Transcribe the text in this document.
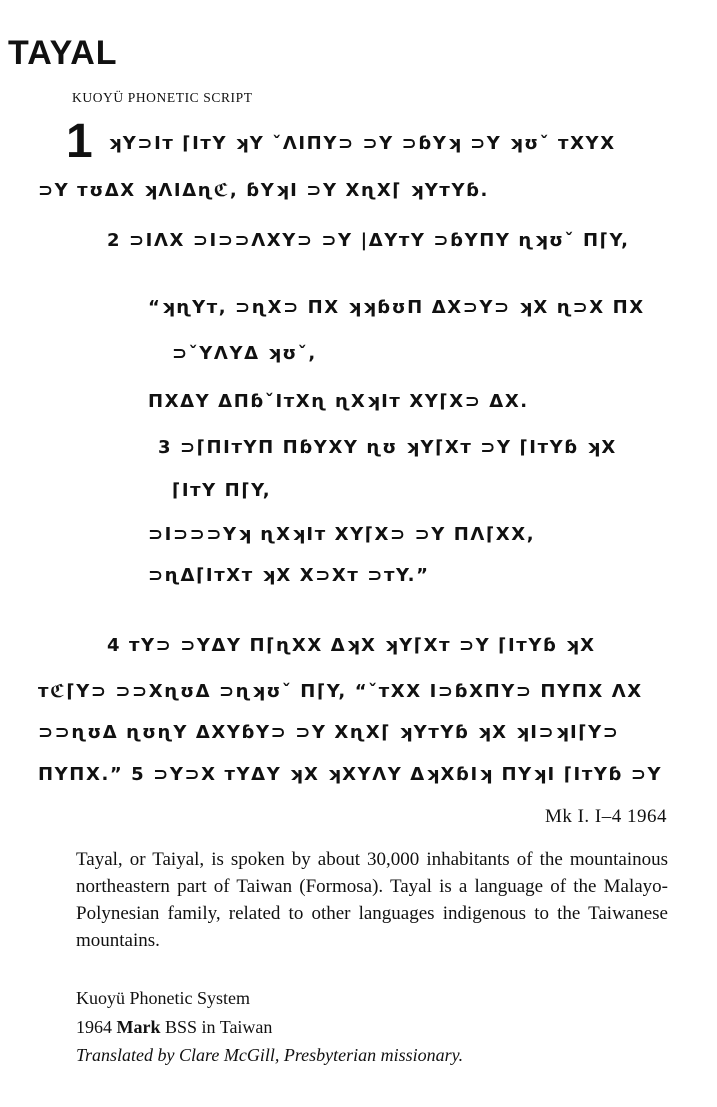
TAYAL
KUOYÜ PHONETIC SCRIPT
1 ʞY⊃Iᴛ ⌈IᴛY ʞY ˇɅIΠY⊃ ⊃Y ⊃ɓYʞ ⊃Y ʞʊˇ ᴛXYX
⊃Y ᴛʊΔX ʞɅIΔɳℭ, ɓYʞI ⊃Y XɳX⌈ ʞYᴛYɓ.
2 ⊃IɅX ⊃I⊃⊃ɅXY⊃ ⊃Y |ΔYᴛY ⊃ɓYΠY ɳʞʊˇ Π⌈Y,
“ʞɳYᴛ, ⊃ɳX⊃ ΠX ʞʞɓʊΠ ΔX⊃Y⊃ ʞX ɳ⊃X ΠX
⊃ˇYɅYΔ ʞʊˇ,
ΠXΔY ΔΠɓˇIᴛXɳ ɳXʞIᴛ XY⌈X⊃ ΔX.
3 ⊃⌈ΠIᴛYΠ ΠɓYXY ɳʊ ʞY⌈Xᴛ ⊃Y ⌈IᴛYɓ ʞX
⌈IᴛY Π⌈Y,
⊃I⊃⊃⊃Yʞ ɳXʞIᴛ XY⌈X⊃ ⊃Y ΠɅ⌈XX,
⊃ɳΔ⌈IᴛXᴛ ʞX X⊃Xᴛ ⊃ᴛY.”
4 ᴛY⊃ ⊃YΔY Π⌈ɳXX ΔʞX ʞY⌈Xᴛ ⊃Y ⌈IᴛYɓ ʞX
ᴛℭ⌈Y⊃ ⊃⊃XɳʊΔ ⊃ɳʞʊˇ Π⌈Y, “ˇᴛXX I⊃ɓXΠY⊃ ΠYΠX ɅX
⊃⊃ɳʊΔ ɳʊɳY ΔXYɓY⊃ ⊃Y XɳX⌈ ʞYᴛYɓ ʞX ʞI⊃ʞI⌈Y⊃
ΠYΠX.” 5 ⊃Y⊃X ᴛYΔY ʞX ʞXYɅY ΔʞXɓIʞ ΠYʞI ⌈IᴛYɓ ⊃Y
Mk I. I–4 1964

Tayal, or Taiyal, is spoken by about 30,000 inhabitants of the mountainous northeastern part of Taiwan (Formosa). Tayal is a language of the Malayo-Polynesian family, related to other languages indigenous to the Taiwanese mountains.

Kuoyü Phonetic System
1964 Mark BSS in Taiwan
Translated by Clare McGill, Presbyterian missionary.
